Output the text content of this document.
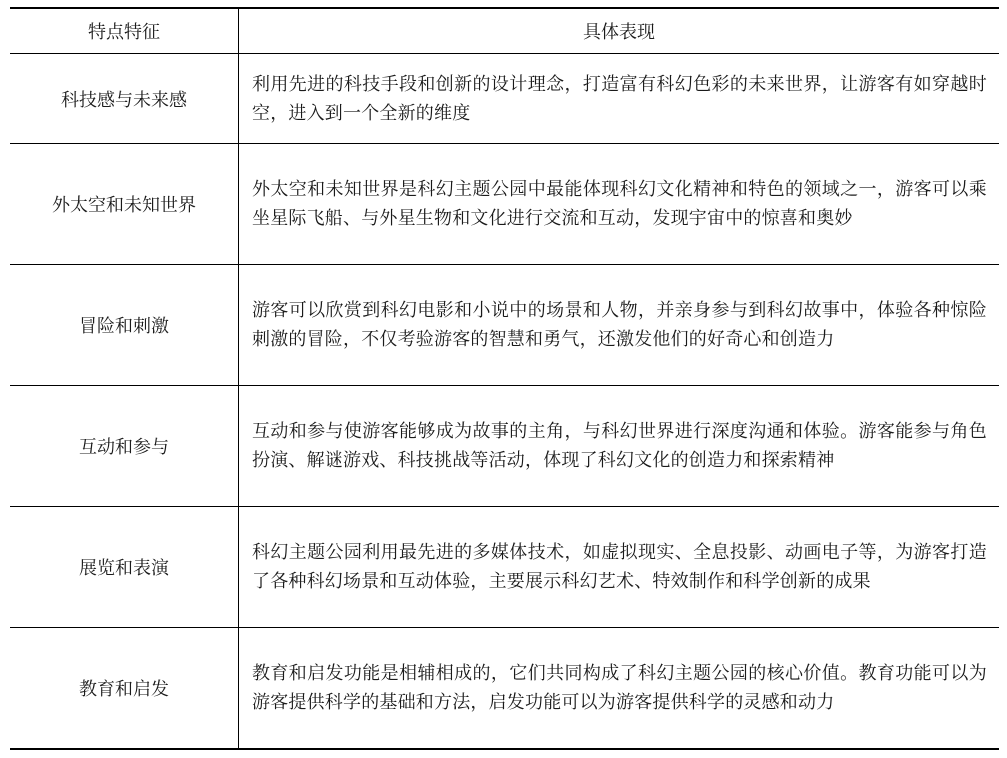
特点特征	具体表现
科技感与未来感	利用先进的科技手段和创新的设计理念，打造富有科幻色彩的未来世界，让游客有如穿越时空，进入到一个全新的维度
外太空和未知世界	外太空和未知世界是科幻主题公园中最能体现科幻文化精神和特色的领域之一，游客可以乘坐星际飞船、与外星生物和文化进行交流和互动，发现宇宙中的惊喜和奥妙
冒险和刺激	游客可以欣赏到科幻电影和小说中的场景和人物，并亲身参与到科幻故事中，体验各种惊险刺激的冒险，不仅考验游客的智慧和勇气，还激发他们的好奇心和创造力
互动和参与	互动和参与使游客能够成为故事的主角，与科幻世界进行深度沟通和体验。游客能参与角色扮演、解谜游戏、科技挑战等活动，体现了科幻文化的创造力和探索精神
展览和表演	科幻主题公园利用最先进的多媒体技术，如虚拟现实、全息投影、动画电子等，为游客打造了各种科幻场景和互动体验，主要展示科幻艺术、特效制作和科学创新的成果
教育和启发	教育和启发功能是相辅相成的，它们共同构成了科幻主题公园的核心价值。教育功能可以为游客提供科学的基础和方法，启发功能可以为游客提供科学的灵感和动力
